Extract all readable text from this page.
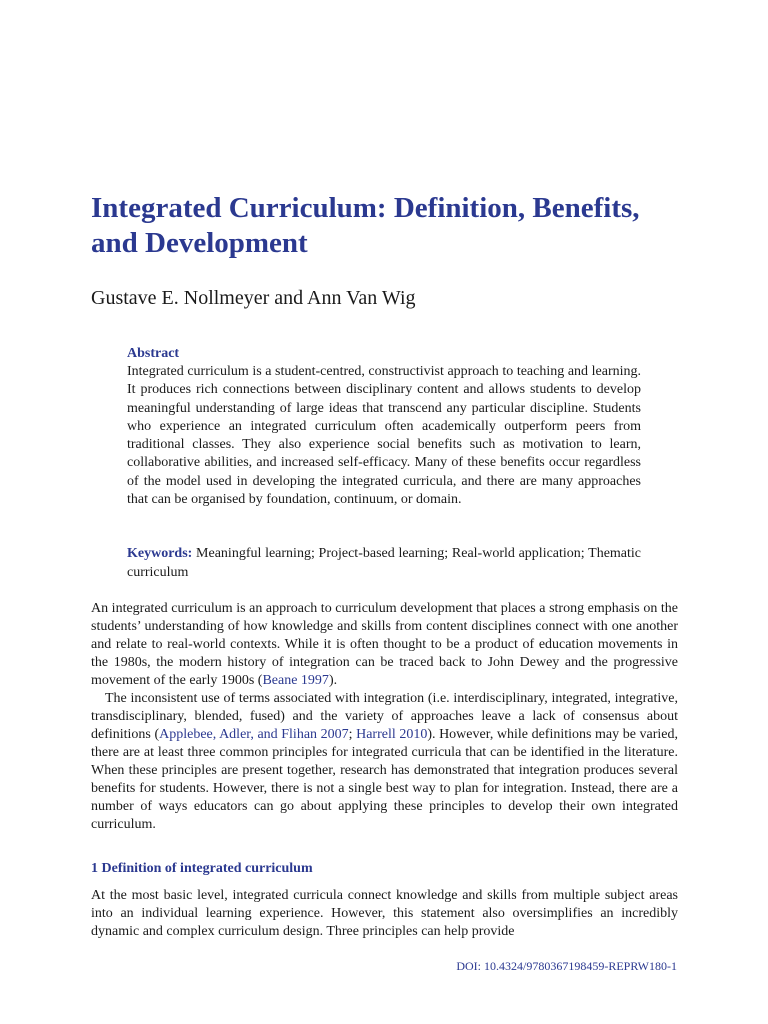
Integrated Curriculum: Definition, Benefits, and Development

Gustave E. Nollmeyer and Ann Van Wig

Abstract

Integrated curriculum is a student-centred, constructivist approach to teaching and learning. It produces rich connections between disciplinary content and allows students to develop meaningful understanding of large ideas that transcend any particular discipline. Students who experience an integrated curriculum often academically outperform peers from traditional classes. They also experience social benefits such as motivation to learn, collaborative abilities, and increased self-efficacy. Many of these benefits occur regardless of the model used in developing the integrated curricula, and there are many approaches that can be organised by foundation, continuum, or domain.

Keywords: Meaningful learning; Project-based learning; Real-world application; Thematic curriculum

An integrated curriculum is an approach to curriculum development that places a strong emphasis on the students’ understanding of how knowledge and skills from content disciplines connect with one another and relate to real-world contexts. While it is often thought to be a product of education movements in the 1980s, the modern history of integration can be traced back to John Dewey and the progressive movement of the early 1900s (Beane 1997).

The inconsistent use of terms associated with integration (i.e. interdisciplinary, integrated, integrative, transdisciplinary, blended, fused) and the variety of approaches leave a lack of consensus about definitions (Applebee, Adler, and Flihan 2007; Harrell 2010). However, while definitions may be varied, there are at least three common principles for integrated curricula that can be identified in the literature. When these principles are present together, research has demonstrated that integration produces several benefits for students. However, there is not a single best way to plan for integration. Instead, there are a number of ways educators can go about applying these principles to develop their own integrated curriculum.

1 Definition of integrated curriculum

At the most basic level, integrated curricula connect knowledge and skills from multiple subject areas into an individual learning experience. However, this statement also oversimplifies an incredibly dynamic and complex curriculum design. Three principles can help provide

DOI: 10.4324/9780367198459-REPRW180-1
